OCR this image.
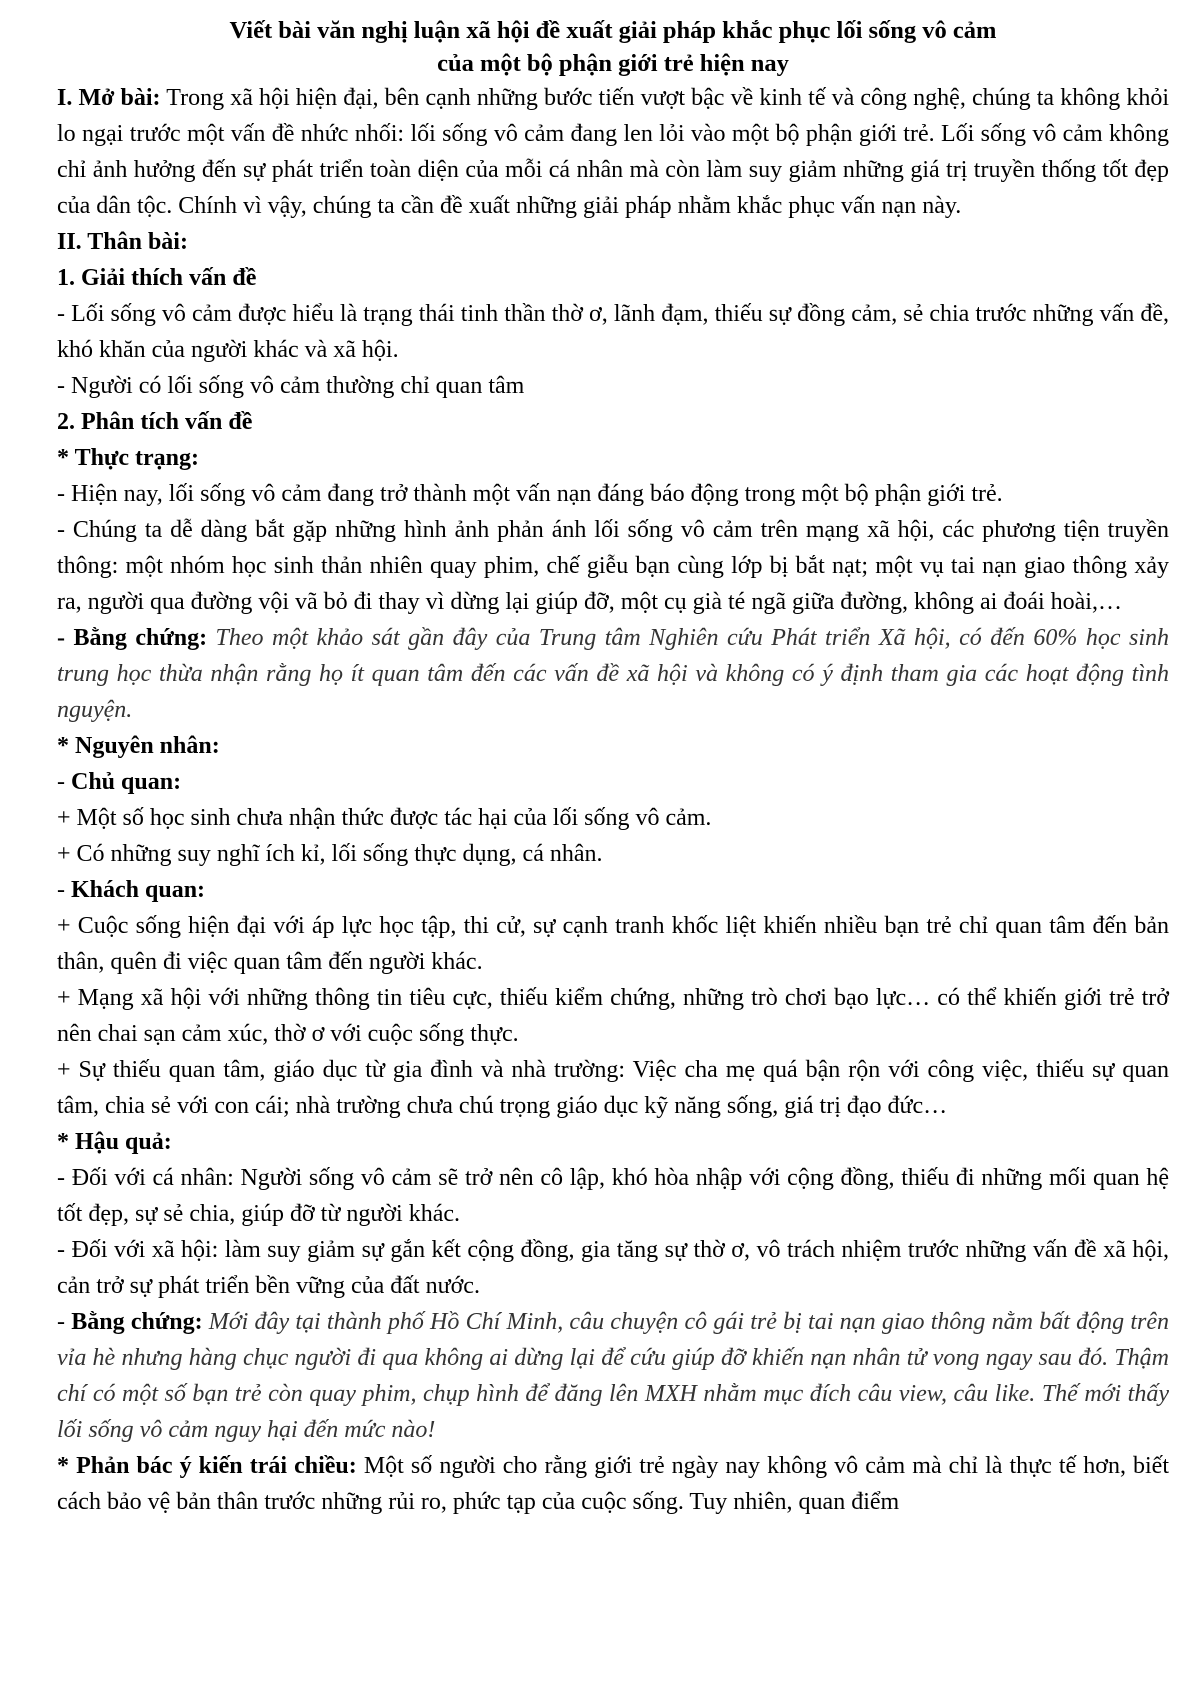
Viết bài văn nghị luận xã hội đề xuất giải pháp khắc phục lối sống vô cảm
của một bộ phận giới trẻ hiện nay

I. Mở bài: Trong xã hội hiện đại, bên cạnh những bước tiến vượt bậc về kinh tế và công nghệ, chúng ta không khỏi lo ngại trước một vấn đề nhức nhối: lối sống vô cảm đang len lỏi vào một bộ phận giới trẻ. Lối sống vô cảm không chỉ ảnh hưởng đến sự phát triển toàn diện của mỗi cá nhân mà còn làm suy giảm những giá trị truyền thống tốt đẹp của dân tộc. Chính vì vậy, chúng ta cần đề xuất những giải pháp nhằm khắc phục vấn nạn này.

II. Thân bài:

1. Giải thích vấn đề

- Lối sống vô cảm được hiểu là trạng thái tinh thần thờ ơ, lãnh đạm, thiếu sự đồng cảm, sẻ chia trước những vấn đề, khó khăn của người khác và xã hội.

- Người có lối sống vô cảm thường chỉ quan tâm

2. Phân tích vấn đề

* Thực trạng:

- Hiện nay, lối sống vô cảm đang trở thành một vấn nạn đáng báo động trong một bộ phận giới trẻ.

- Chúng ta dễ dàng bắt gặp những hình ảnh phản ánh lối sống vô cảm trên mạng xã hội, các phương tiện truyền thông: một nhóm học sinh thản nhiên quay phim, chế giễu bạn cùng lớp bị bắt nạt; một vụ tai nạn giao thông xảy ra, người qua đường vội vã bỏ đi thay vì dừng lại giúp đỡ, một cụ già té ngã giữa đường, không ai đoái hoài,…

- Bằng chứng: Theo một khảo sát gần đây của Trung tâm Nghiên cứu Phát triển Xã hội, có đến 60% học sinh trung học thừa nhận rằng họ ít quan tâm đến các vấn đề xã hội và không có ý định tham gia các hoạt động tình nguyện.

* Nguyên nhân:

- Chủ quan:

+ Một số học sinh chưa nhận thức được tác hại của lối sống vô cảm.

+ Có những suy nghĩ ích kỉ, lối sống thực dụng, cá nhân.

- Khách quan:

+ Cuộc sống hiện đại với áp lực học tập, thi cử, sự cạnh tranh khốc liệt khiến nhiều bạn trẻ chỉ quan tâm đến bản thân, quên đi việc quan tâm đến người khác.

+ Mạng xã hội với những thông tin tiêu cực, thiếu kiểm chứng, những trò chơi bạo lực… có thể khiến giới trẻ trở nên chai sạn cảm xúc, thờ ơ với cuộc sống thực.

+ Sự thiếu quan tâm, giáo dục từ gia đình và nhà trường: Việc cha mẹ quá bận rộn với công việc, thiếu sự quan tâm, chia sẻ với con cái; nhà trường chưa chú trọng giáo dục kỹ năng sống, giá trị đạo đức…

* Hậu quả:

- Đối với cá nhân: Người sống vô cảm sẽ trở nên cô lập, khó hòa nhập với cộng đồng, thiếu đi những mối quan hệ tốt đẹp, sự sẻ chia, giúp đỡ từ người khác.

- Đối với xã hội: làm suy giảm sự gắn kết cộng đồng, gia tăng sự thờ ơ, vô trách nhiệm trước những vấn đề xã hội, cản trở sự phát triển bền vững của đất nước.

- Bằng chứng: Mới đây tại thành phố Hồ Chí Minh, câu chuyện cô gái trẻ bị tai nạn giao thông nằm bất động trên vỉa hè nhưng hàng chục người đi qua không ai dừng lại để cứu giúp đỡ khiến nạn nhân tử vong ngay sau đó. Thậm chí có một số bạn trẻ còn quay phim, chụp hình để đăng lên MXH nhằm mục đích câu view, câu like. Thế mới thấy lối sống vô cảm nguy hại đến mức nào!

* Phản bác ý kiến trái chiều: Một số người cho rằng giới trẻ ngày nay không vô cảm mà chỉ là thực tế hơn, biết cách bảo vệ bản thân trước những rủi ro, phức tạp của cuộc sống. Tuy nhiên, quan điểm
